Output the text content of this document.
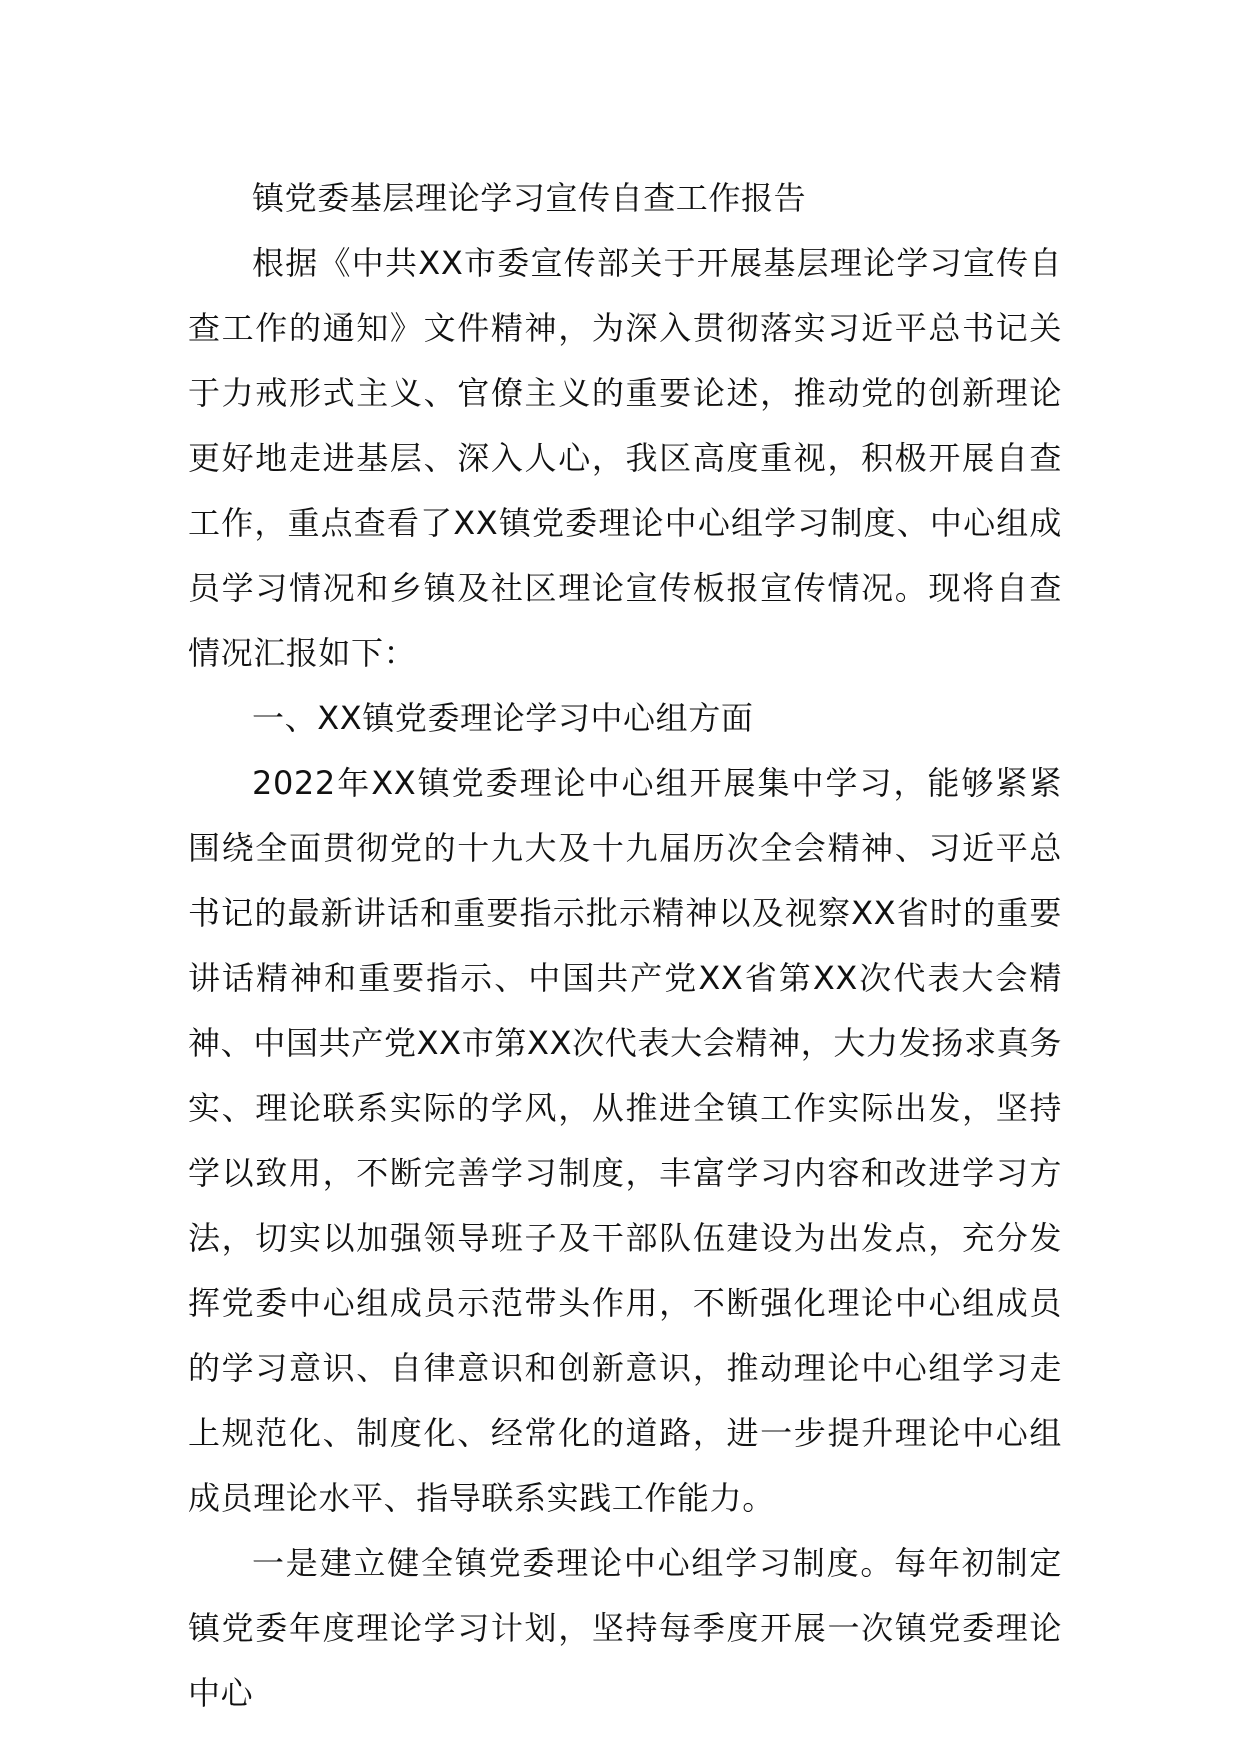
镇党委基层理论学习宣传自查工作报告

根据《中共XX市委宣传部关于开展基层理论学习宣传自查工作的通知》文件精神，为深入贯彻落实习近平总书记关于力戒形式主义、官僚主义的重要论述，推动党的创新理论更好地走进基层、深入人心，我区高度重视，积极开展自查工作，重点查看了XX镇党委理论中心组学习制度、中心组成员学习情况和乡镇及社区理论宣传板报宣传情况。现将自查情况汇报如下：

一、XX镇党委理论学习中心组方面

2022年XX镇党委理论中心组开展集中学习，能够紧紧围绕全面贯彻党的十九大及十九届历次全会精神、习近平总书记的最新讲话和重要指示批示精神以及视察XX省时的重要讲话精神和重要指示、中国共产党XX省第XX次代表大会精神、中国共产党XX市第XX次代表大会精神，大力发扬求真务实、理论联系实际的学风，从推进全镇工作实际出发，坚持学以致用，不断完善学习制度，丰富学习内容和改进学习方法，切实以加强领导班子及干部队伍建设为出发点，充分发挥党委中心组成员示范带头作用，不断强化理论中心组成员的学习意识、自律意识和创新意识，推动理论中心组学习走上规范化、制度化、经常化的道路，进一步提升理论中心组成员理论水平、指导联系实践工作能力。

一是建立健全镇党委理论中心组学习制度。每年初制定镇党委年度理论学习计划，坚持每季度开展一次镇党委理论中心
